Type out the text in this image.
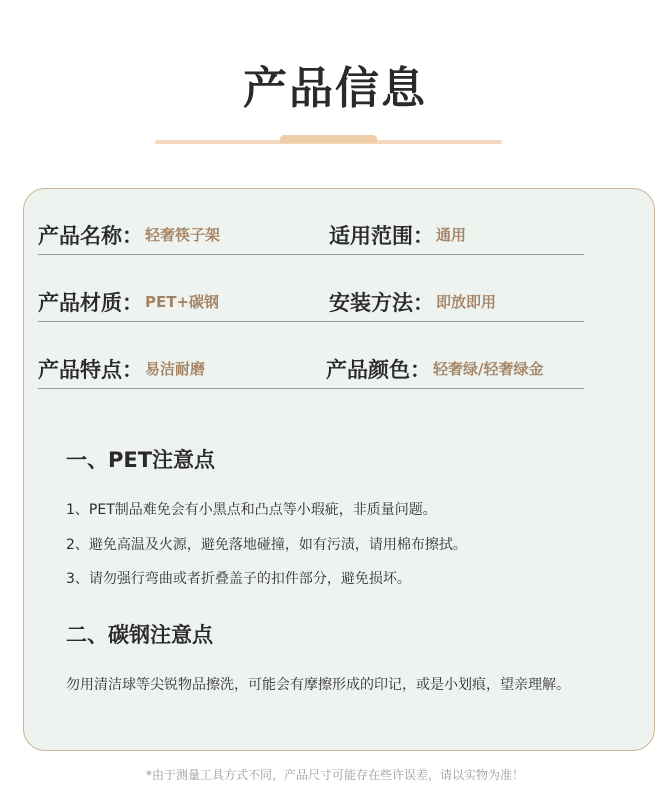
产品信息
产品名称： 轻奢筷子架	适用范围： 通用
产品材质： PET+碳钢	安装方法： 即放即用
产品特点： 易洁耐磨	产品颜色： 轻奢绿/轻奢绿金
一、PET注意点
1、PET制品难免会有小黑点和凸点等小瑕疵，非质量问题。
2、避免高温及火源，避免落地碰撞，如有污渍，请用棉布擦拭。
3、请勿强行弯曲或者折叠盖子的扣件部分，避免损坏。
二、碳钢注意点
勿用清洁球等尖锐物品擦洗，可能会有摩擦形成的印记，或是小划痕，望亲理解。
*由于测量工具方式不同，产品尺寸可能存在些许误差，请以实物为准！
